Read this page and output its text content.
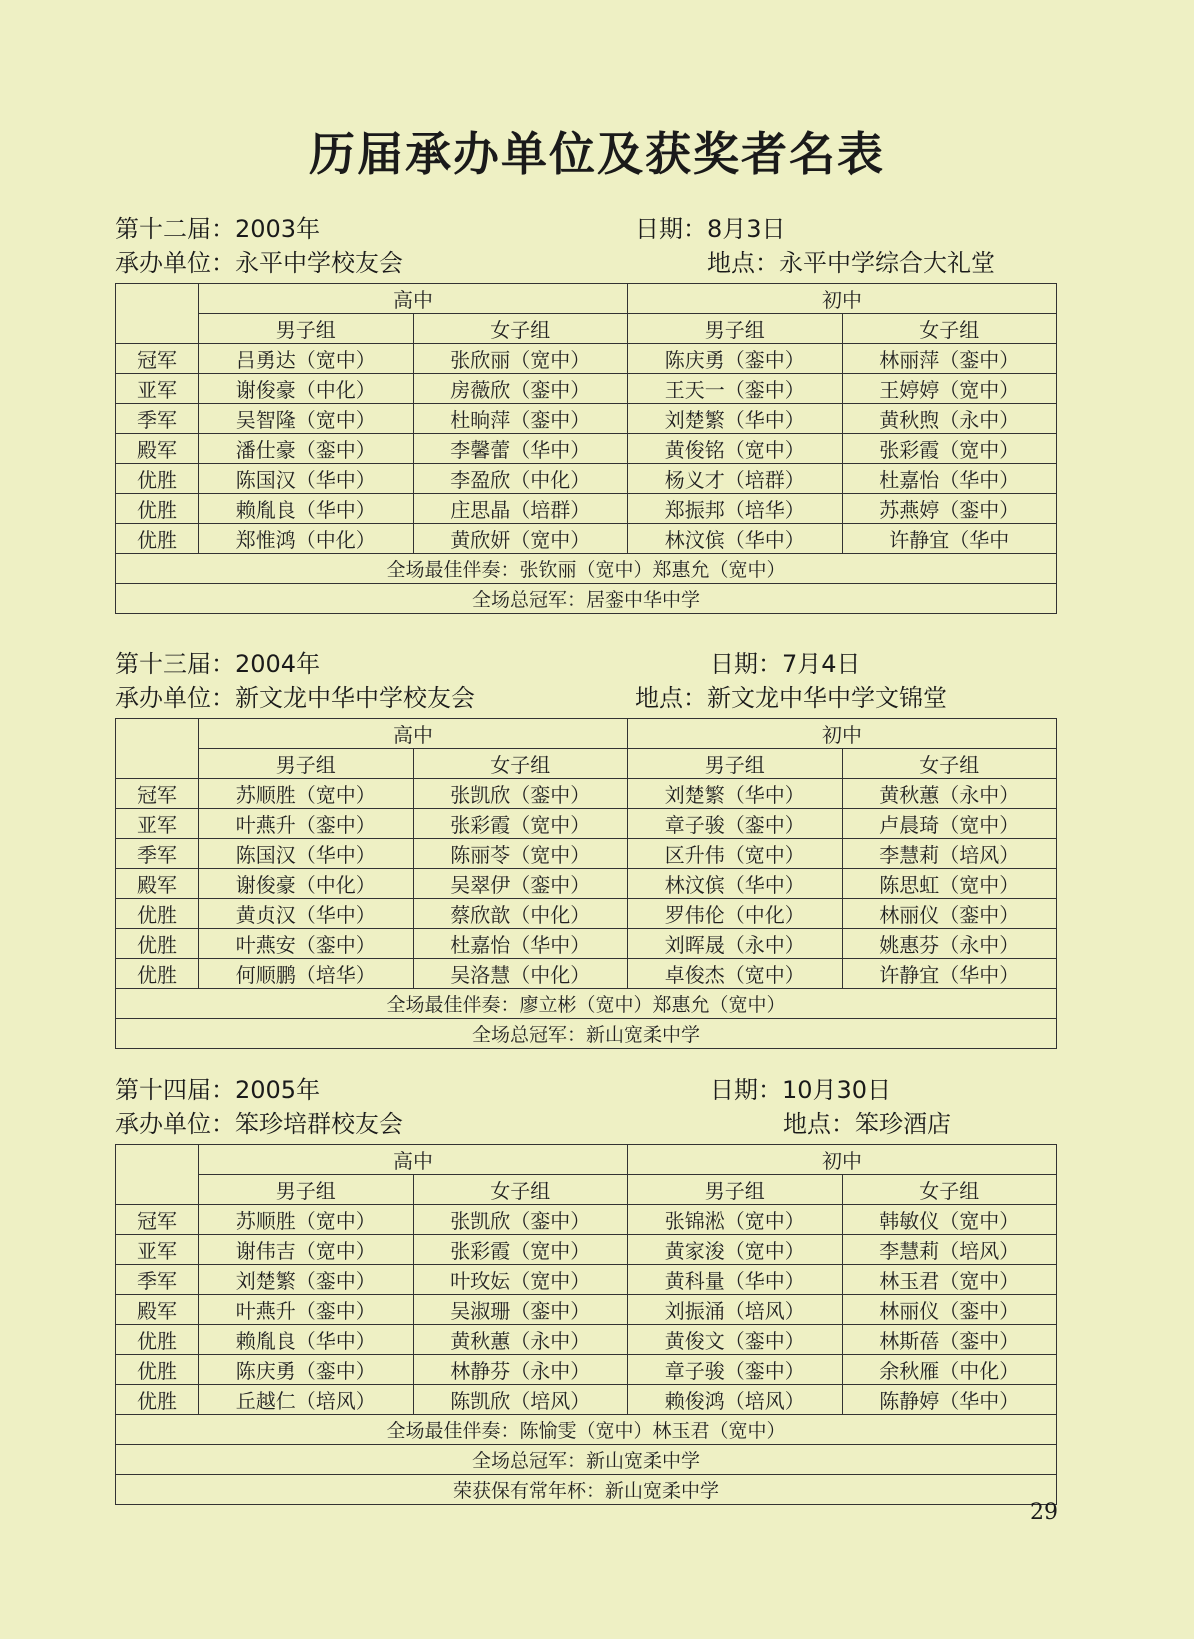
历届承办单位及获奖者名表
第十二届：2003年
承办单位：永平中学校友会
日期：8月3日
地点：永平中学综合大礼堂
	高中		初中	
	男子组	女子组	男子组	女子组
冠军	吕勇达（宽中）	张欣丽（宽中）	陈庆勇（銮中）	林丽萍（銮中）
亚军	谢俊豪（中化）	房薇欣（銮中）	王天一（銮中）	王婷婷（宽中）
季军	吴智隆（宽中）	杜晌萍（銮中）	刘楚繁（华中）	黄秋煦（永中）
殿军	潘仕豪（銮中）	李馨蕾（华中）	黄俊铭（宽中）	张彩霞（宽中）
优胜	陈国汉（华中）	李盈欣（中化）	杨义才（培群）	杜嘉怡（华中）
优胜	赖胤良（华中）	庄思晶（培群）	郑振邦（培华）	苏燕婷（銮中）
优胜	郑惟鸿（中化）	黄欣妍（宽中）	林汶傧（华中）	许静宜（华中
全场最佳伴奏：张钦丽（宽中）郑惠允（宽中）				
全场总冠军：居銮中华中学				
第十三届：2004年
承办单位：新文龙中华中学校友会
日期：7月4日
地点：新文龙中华中学文锦堂
	高中		初中	
	男子组	女子组	男子组	女子组
冠军	苏顺胜（宽中）	张凯欣（銮中）	刘楚繁（华中）	黄秋蕙（永中）
亚军	叶燕升（銮中）	张彩霞（宽中）	章子骏（銮中）	卢晨琦（宽中）
季军	陈国汉（华中）	陈丽苓（宽中）	区升伟（宽中）	李慧莉（培风）
殿军	谢俊豪（中化）	吴翠伊（銮中）	林汶傧（华中）	陈思虹（宽中）
优胜	黄贞汉（华中）	蔡欣歆（中化）	罗伟伦（中化）	林丽仪（銮中）
优胜	叶燕安（銮中）	杜嘉怡（华中）	刘晖晟（永中）	姚惠芬（永中）
优胜	何顺鹏（培华）	吴洛慧（中化）	卓俊杰（宽中）	许静宜（华中）
全场最佳伴奏：廖立彬（宽中）郑惠允（宽中）				
全场总冠军：新山宽柔中学				
第十四届：2005年
承办单位：笨珍培群校友会
日期：10月30日
地点：笨珍酒店
	高中		初中	
	男子组	女子组	男子组	女子组
冠军	苏顺胜（宽中）	张凯欣（銮中）	张锦淞（宽中）	韩敏仪（宽中）
亚军	谢伟吉（宽中）	张彩霞（宽中）	黄家浚（宽中）	李慧莉（培风）
季军	刘楚繁（銮中）	叶玫妘（宽中）	黄科量（华中）	林玉君（宽中）
殿军	叶燕升（銮中）	吴淑珊（銮中）	刘振涌（培风）	林丽仪（銮中）
优胜	赖胤良（华中）	黄秋蕙（永中）	黄俊文（銮中）	林斯蓓（銮中）
优胜	陈庆勇（銮中）	林静芬（永中）	章子骏（銮中）	余秋雁（中化）
优胜	丘越仁（培风）	陈凯欣（培风）	赖俊鸿（培风）	陈静婷（华中）
全场最佳伴奏：陈愉雯（宽中）林玉君（宽中）				
全场总冠军：新山宽柔中学				
荣获保有常年杯：新山宽柔中学				
29
